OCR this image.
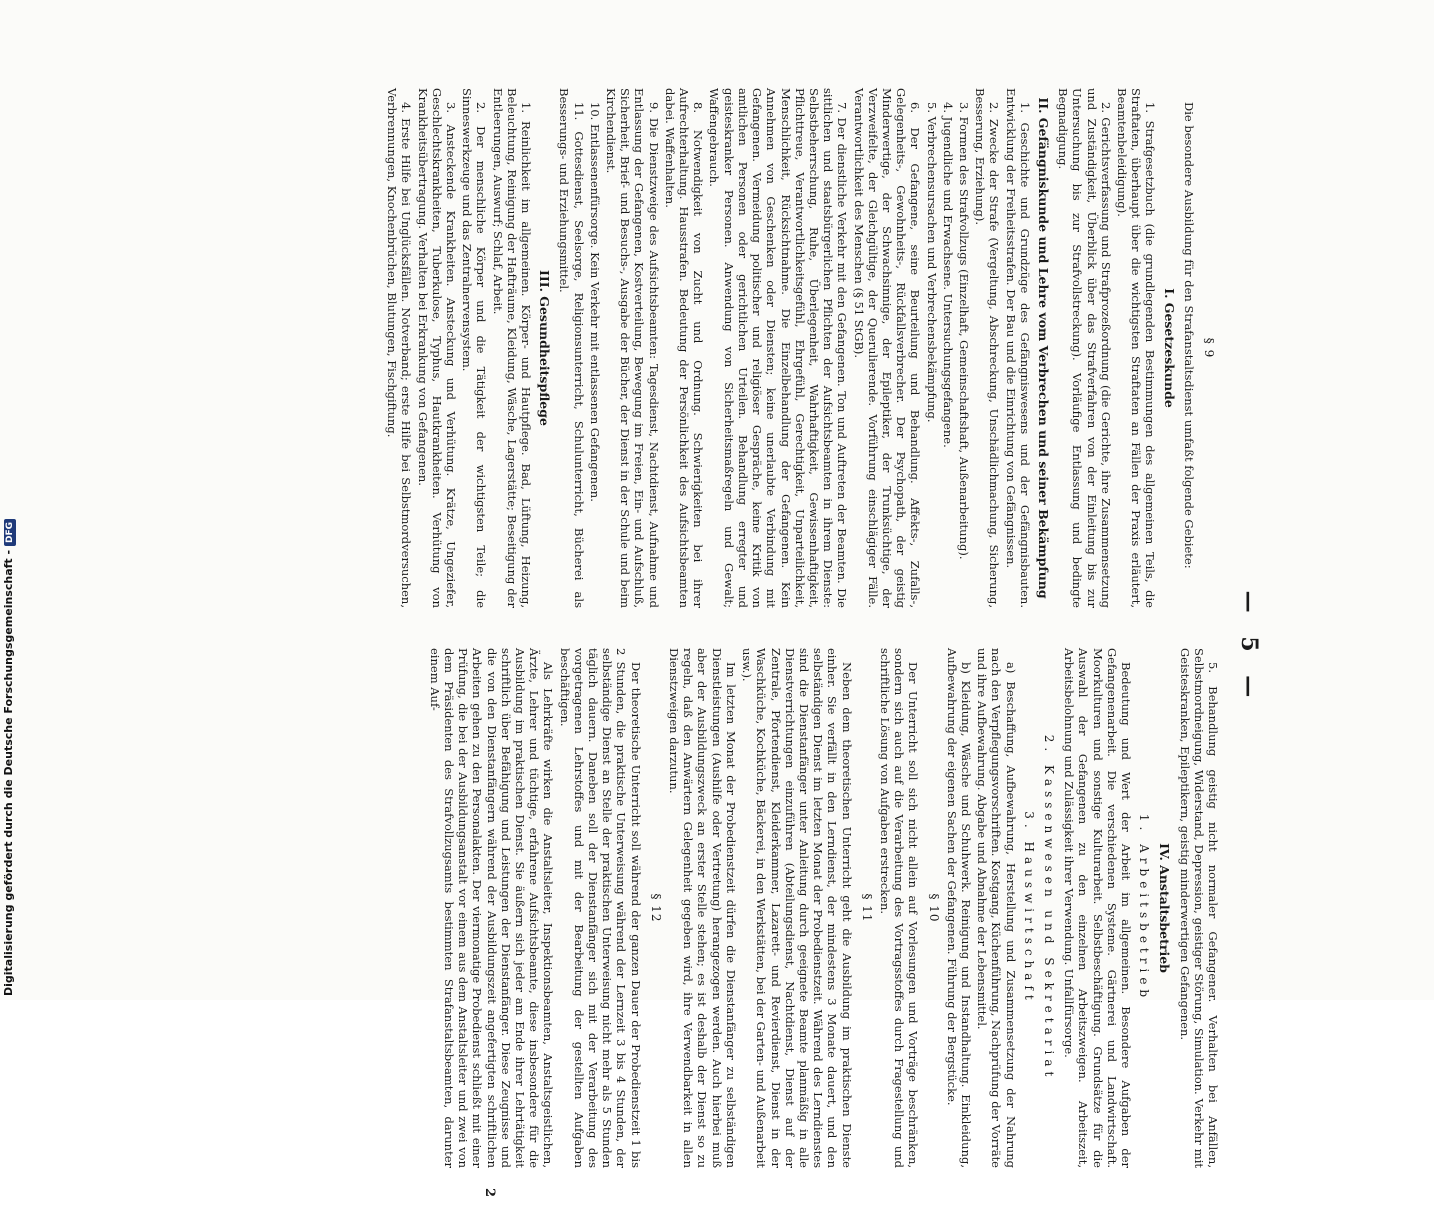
— 5 —
§ 9

Die besondere Ausbildung für den Strafanstaltsdienst umfaßt folgende Gebiete:

I. Gesetzeskunde

1. Strafgesetzbuch (die grundlegenden Bestimmungen des allgemeinen Teils, die Straftaten, überhaupt über die wichtigsten Straftaten an Fällen der Praxis erläutert, Beamtenbeleidigung).

2. Gerichtsverfassung und Strafprozeßordnung (die Gerichte, ihre Zusammensetzung und Zuständigkeit, Überblick über das Strafverfahren von der Einleitung bis zur Untersuchung bis zur Strafvollstreckung). Vorläufige Entlassung und bedingte Begnadigung.

II. Gefängniskunde und Lehre vom Verbrechen und seiner Bekämpfung

1. Geschichte und Grundzüge des Gefängniswesens und der Gefängnisbauten. Entwicklung der Freiheitsstrafen. Der Bau und die Einrichtung von Gefängnissen.

2. Zwecke der Strafe (Vergeltung, Abschreckung, Unschädlichmachung, Sicherung, Besserung, Erziehung).

3. Formen des Strafvollzugs (Einzelhaft, Gemeinschaftshaft, Außenarbeitung).

4. Jugendliche und Erwachsene. Untersuchungsgefangene.

5. Verbrechensursachen und Verbrechensbekämpfung.

6. Der Gefangene, seine Beurteilung und Behandlung. Affekts-, Zufalls-, Gelegenheits-, Gewohnheits-, Rückfallsverbrecher. Der Psychopath, der geistig Minderwertige, der Schwachsinnige, der Epileptiker, der Trunksüchtige, der Verzweifelte, der Gleichgültige, der Querulierende. Vorführung einschlägiger Fälle. Verantwortlichkeit des Menschen (§ 51 StGB).

7. Der dienstliche Verkehr mit den Gefangenen. Ton und Auftreten der Beamten. Die sittlichen und staatsbürgerlichen Pflichten der Aufsichtsbeamten in ihrem Dienste: Selbstbeherrschung, Ruhe, Überlegenheit, Wahrhaftigkeit, Gewissenhaftigkeit, Pflichttreue, Verantwortlichkeitsgefühl, Ehrgefühl, Gerechtigkeit, Unparteilichkeit, Menschlichkeit, Rücksichtnahme. Die Einzelbehandlung der Gefangenen. Kein Annehmen von Geschenken oder Diensten; keine unerlaubte Verbindung mit Gefangenen. Vermeidung politischer und religiöser Gespräche, keine Kritik von amtlichen Personen oder gerichtlichen Urteilen. Behandlung erregter und geisteskranker Personen. Anwendung von Sicherheitsmaßregeln und Gewalt; Waffengebrauch.

8. Notwendigkeit von Zucht und Ordnung. Schwierigkeiten bei ihrer Aufrechterhaltung. Hausstrafen. Bedeutung der Persönlichkeit des Aufsichtsbeamten dabei. Waffenhalten.

9. Die Dienstzweige des Aufsichtsbeamten: Tagesdienst, Nachtdienst, Aufnahme und Entlassung der Gefangenen, Kostverteilung, Bewegung im Freien, Ein- und Aufschluß, Sicherheit, Brief- und Besuchs-, Ausgabe der Bücher, der Dienst in der Schule und beim Kirchendienst.

10. Entlassenenfürsorge. Kein Verkehr mit entlassenen Gefangenen.

11. Gottesdienst, Seelsorge, Religionsunterricht, Schulunterricht, Bücherei als Besserungs- und Erziehungsmittel.

III. Gesundheitspflege

1. Reinlichkeit im allgemeinen. Körper- und Hautpflege. Bad, Lüftung, Heizung, Beleuchtung, Reinigung der Hafträume, Kleidung, Wäsche, Lagerstätte; Beseitigung der Entleerungen, Auswurf; Schlaf, Arbeit.

2. Der menschliche Körper und die Tätigkeit der wichtigsten Teile; die Sinneswerkzeuge und das Zentralnervensystem.

3. Ansteckende Krankheiten. Ansteckung und Verhütung. Krätze, Ungeziefer, Geschlechtskrankheiten, Tuberkulose, Typhus, Hautkrankheiten. Verhütung von Krankheitsübertragung. Verhalten bei Erkrankung von Gefangenen.

4. Erste Hilfe bei Unglücksfällen. Notverband; erste Hilfe bei Selbstmordversuchen, Verbrennungen, Knochenbrüchen, Blutungen, Fischgiftung.

5. Behandlung geistig nicht normaler Gefangener. Verhalten bei Anfällen, Selbstmordneigung, Widerstand, Depression, geistiger Störung, Simulation. Verkehr mit Geisteskranken, Epileptikern, geistig minderwertigen Gefangenen.

IV. Anstaltsbetrieb
1. Arbeitsbetrieb

Bedeutung und Wert der Arbeit im allgemeinen. Besondere Aufgaben der Gefangenenarbeit. Die verschiedenen Systeme. Gärtnerei und Landwirtschaft. Moorkulturen und sonstige Kulturarbeit. Selbstbeschäftigung. Grundsätze für die Auswahl der Gefangenen zu den einzelnen Arbeitszweigen. Arbeitszeit, Arbeitsbelohnung und Zulässigkeit ihrer Verwendung. Unfallfürsorge.

2. Kassenwesen und Sekretariat
3. Hauswirtschaft

a) Beschaffung, Aufbewahrung, Herstellung und Zusammensetzung der Nahrung nach den Verpflegungsvorschriften. Kostgang, Küchenführung, Nachprüfung der Vorräte und ihre Aufbewahrung. Abgabe und Abnahme der Lebensmittel.

b) Kleidung, Wäsche und Schuhwerk. Reinigung und Instandhaltung. Einkleidung, Aufbewahrung der eigenen Sachen der Gefangenen. Führung der Bergstücke.

§ 10

Der Unterricht soll sich nicht allein auf Vorlesungen und Vorträge beschränken, sondern sich auch auf die Verarbeitung des Vortragsstoffes durch Fragestellung und schriftliche Lösung von Aufgaben erstrecken.

§ 11

Neben dem theoretischen Unterricht geht die Ausbildung im praktischen Dienste einher. Sie verfällt in den Lerndienst, der mindestens 3 Monate dauert, und den selbständigen Dienst im letzten Monat der Probedienstzeit. Während des Lerndienstes sind die Dienstanfänger unter Anleitung durch geeignete Beamte planmäßig in alle Dienstverrichtungen einzuführen (Abteilungsdienst, Nachtdienst, Dienst auf der Zentrale, Pfortendienst, Kleiderkammer, Lazarett- und Revierdienst, Dienst in der Waschküche, Kochküche, Bäckerei, in den Werkstätten, bei der Garten- und Außenarbeit usw.).

Im letzten Monat der Probedienstzeit dürfen die Dienstanfänger zu selbständigen Dienstleistungen (Aushilfe oder Vertretung) herangezogen werden. Auch hierbei muß aber der Ausbildungszweck an erster Stelle stehen; es ist deshalb der Dienst so zu regeln, daß den Anwärtern Gelegenheit gegeben wird, ihre Verwendbarkeit in allen Dienstzweigen darzutun.

§ 12

Der theoretische Unterricht soll während der ganzen Dauer der Probedienstzeit 1 bis 2 Stunden, die praktische Unterweisung während der Lernzeit 3 bis 4 Stunden, der selbständige Dienst an Stelle der praktischen Unterweisung nicht mehr als 5 Stunden täglich dauern. Daneben soll der Dienstanfänger sich mit der Verarbeitung des vorgetragenen Lehrstoffes und mit der Bearbeitung der gestellten Aufgaben beschäftigen.

Als Lehrkräfte wirken die Anstaltsleiter, Inspektionsbeamten, Anstaltsgeistlichen, Ärzte, Lehrer und tüchtige, erfahrene Aufsichtsbeamte, diese insbesondere für die Ausbildung im praktischen Dienst. Sie äußern sich jeder am Ende ihrer Lehrtätigkeit schriftlich über Befähigung und Leistungen der Dienstanfänger. Diese Zeugnisse und die von den Dienstanfängern während der Ausbildungszeit angefertigten schriftlichen Arbeiten gehen zu den Personalakten. Der viermonatige Probedienst schließt mit einer Prüfung, die bei der Ausbildungsanstalt vor einem aus dem Anstaltsleiter und zwei von dem Präsidenten des Strafvollzugsamts bestimmten Strafanstaltsbeamten, darunter einem Auf-

2
Digitalisierung gefördert durch die Deutsche Forschungsgemeinschaft -DFG
